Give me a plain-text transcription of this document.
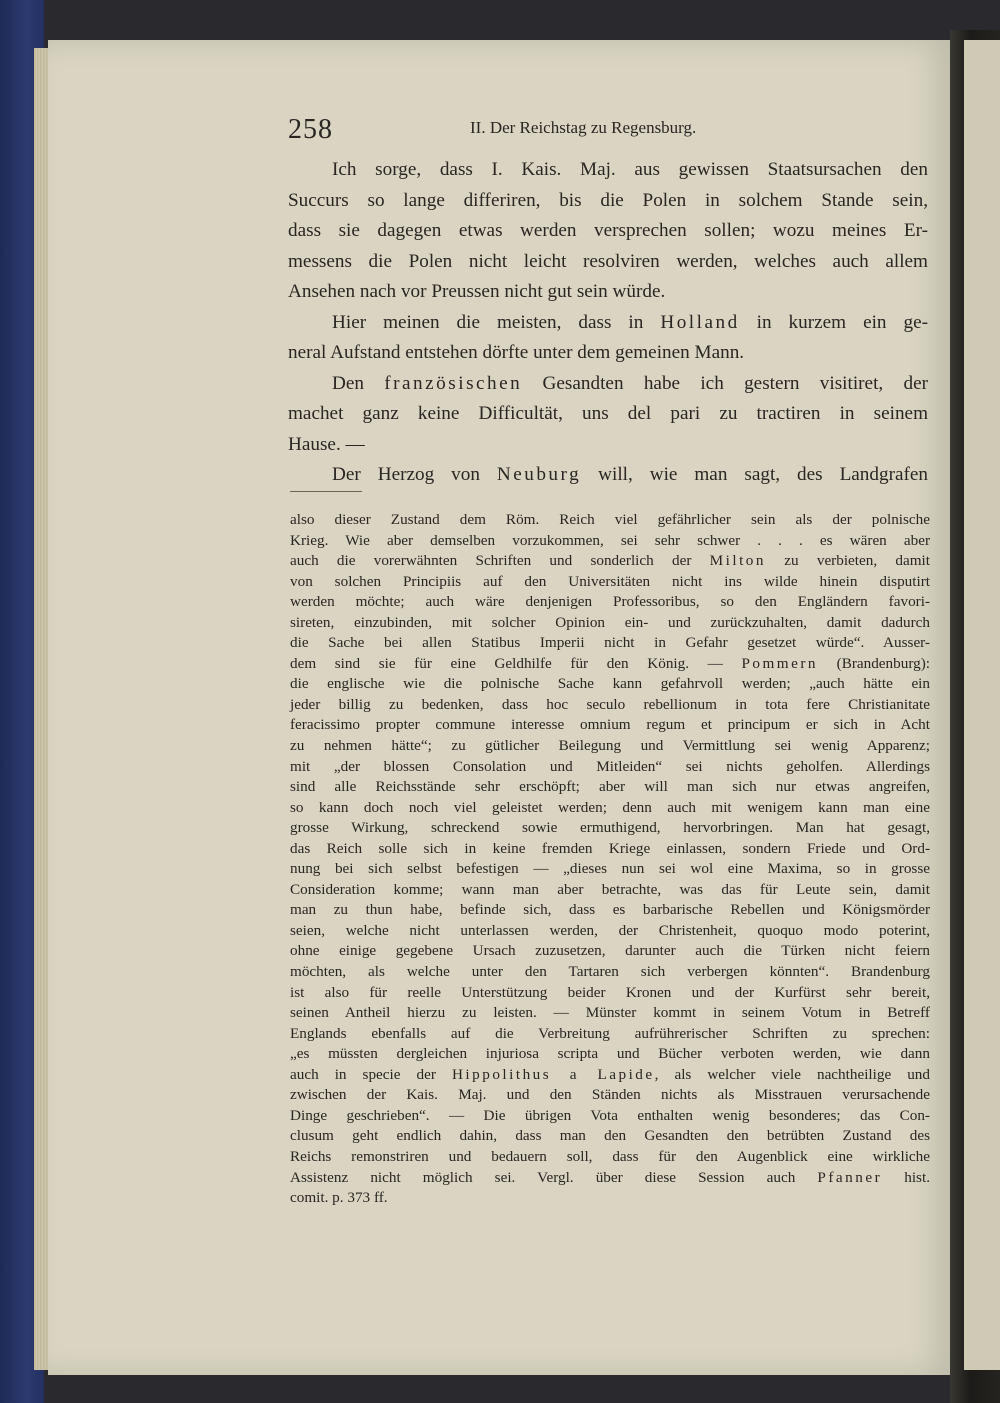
258	II. Der Reichstag zu Regensburg.
Ich sorge, dass I. Kais. Maj. aus gewissen Staatsursachen den
Succurs so lange differiren, bis die Polen in solchem Stande sein,
dass sie dagegen etwas werden versprechen sollen; wozu meines Er-
messens die Polen nicht leicht resolviren werden, welches auch allem
Ansehen nach vor Preussen nicht gut sein würde.
Hier meinen die meisten, dass in Holland in kurzem ein ge-
neral Aufstand entstehen dörfte unter dem gemeinen Mann.
Den französischen Gesandten habe ich gestern visitiret, der
machet ganz keine Difficultät, uns del pari zu tractiren in seinem
Hause. —
Der Herzog von Neuburg will, wie man sagt, des Landgrafen
also dieser Zustand dem Röm. Reich viel gefährlicher sein als der polnische
Krieg. Wie aber demselben vorzukommen, sei sehr schwer . . . es wären aber
auch die vorerwähnten Schriften und sonderlich der Milton zu verbieten, damit
von solchen Principiis auf den Universitäten nicht ins wilde hinein disputirt
werden möchte; auch wäre denjenigen Professoribus, so den Engländern favori-
sireten, einzubinden, mit solcher Opinion ein- und zurückzuhalten, damit dadurch
die Sache bei allen Statibus Imperii nicht in Gefahr gesetzet würde“. Ausser-
dem sind sie für eine Geldhilfe für den König. — Pommern (Brandenburg):
die englische wie die polnische Sache kann gefahrvoll werden; „auch hätte ein
jeder billig zu bedenken, dass hoc seculo rebellionum in tota fere Christianitate
feracissimo propter commune interesse omnium regum et principum er sich in Acht
zu nehmen hätte“; zu gütlicher Beilegung und Vermittlung sei wenig Apparenz;
mit „der blossen Consolation und Mitleiden“ sei nichts geholfen. Allerdings
sind alle Reichsstände sehr erschöpft; aber will man sich nur etwas angreifen,
so kann doch noch viel geleistet werden; denn auch mit wenigem kann man eine
grosse Wirkung, schreckend sowie ermuthigend, hervorbringen. Man hat gesagt,
das Reich solle sich in keine fremden Kriege einlassen, sondern Friede und Ord-
nung bei sich selbst befestigen — „dieses nun sei wol eine Maxima, so in grosse
Consideration komme; wann man aber betrachte, was das für Leute sein, damit
man zu thun habe, befinde sich, dass es barbarische Rebellen und Königsmörder
seien, welche nicht unterlassen werden, der Christenheit, quoquo modo poterint,
ohne einige gegebene Ursach zuzusetzen, darunter auch die Türken nicht feiern
möchten, als welche unter den Tartaren sich verbergen könnten“. Brandenburg
ist also für reelle Unterstützung beider Kronen und der Kurfürst sehr bereit,
seinen Antheil hierzu zu leisten. — Münster kommt in seinem Votum in Betreff
Englands ebenfalls auf die Verbreitung aufrührerischer Schriften zu sprechen:
„es müssten dergleichen injuriosa scripta und Bücher verboten werden, wie dann
auch in specie der Hippolithus a Lapide, als welcher viele nachtheilige und
zwischen der Kais. Maj. und den Ständen nichts als Misstrauen verursachende
Dinge geschrieben“. — Die übrigen Vota enthalten wenig besonderes; das Con-
clusum geht endlich dahin, dass man den Gesandten den betrübten Zustand des
Reichs remonstriren und bedauern soll, dass für den Augenblick eine wirkliche
Assistenz nicht möglich sei. Vergl. über diese Session auch Pfanner hist.
comit. p. 373 ff.
